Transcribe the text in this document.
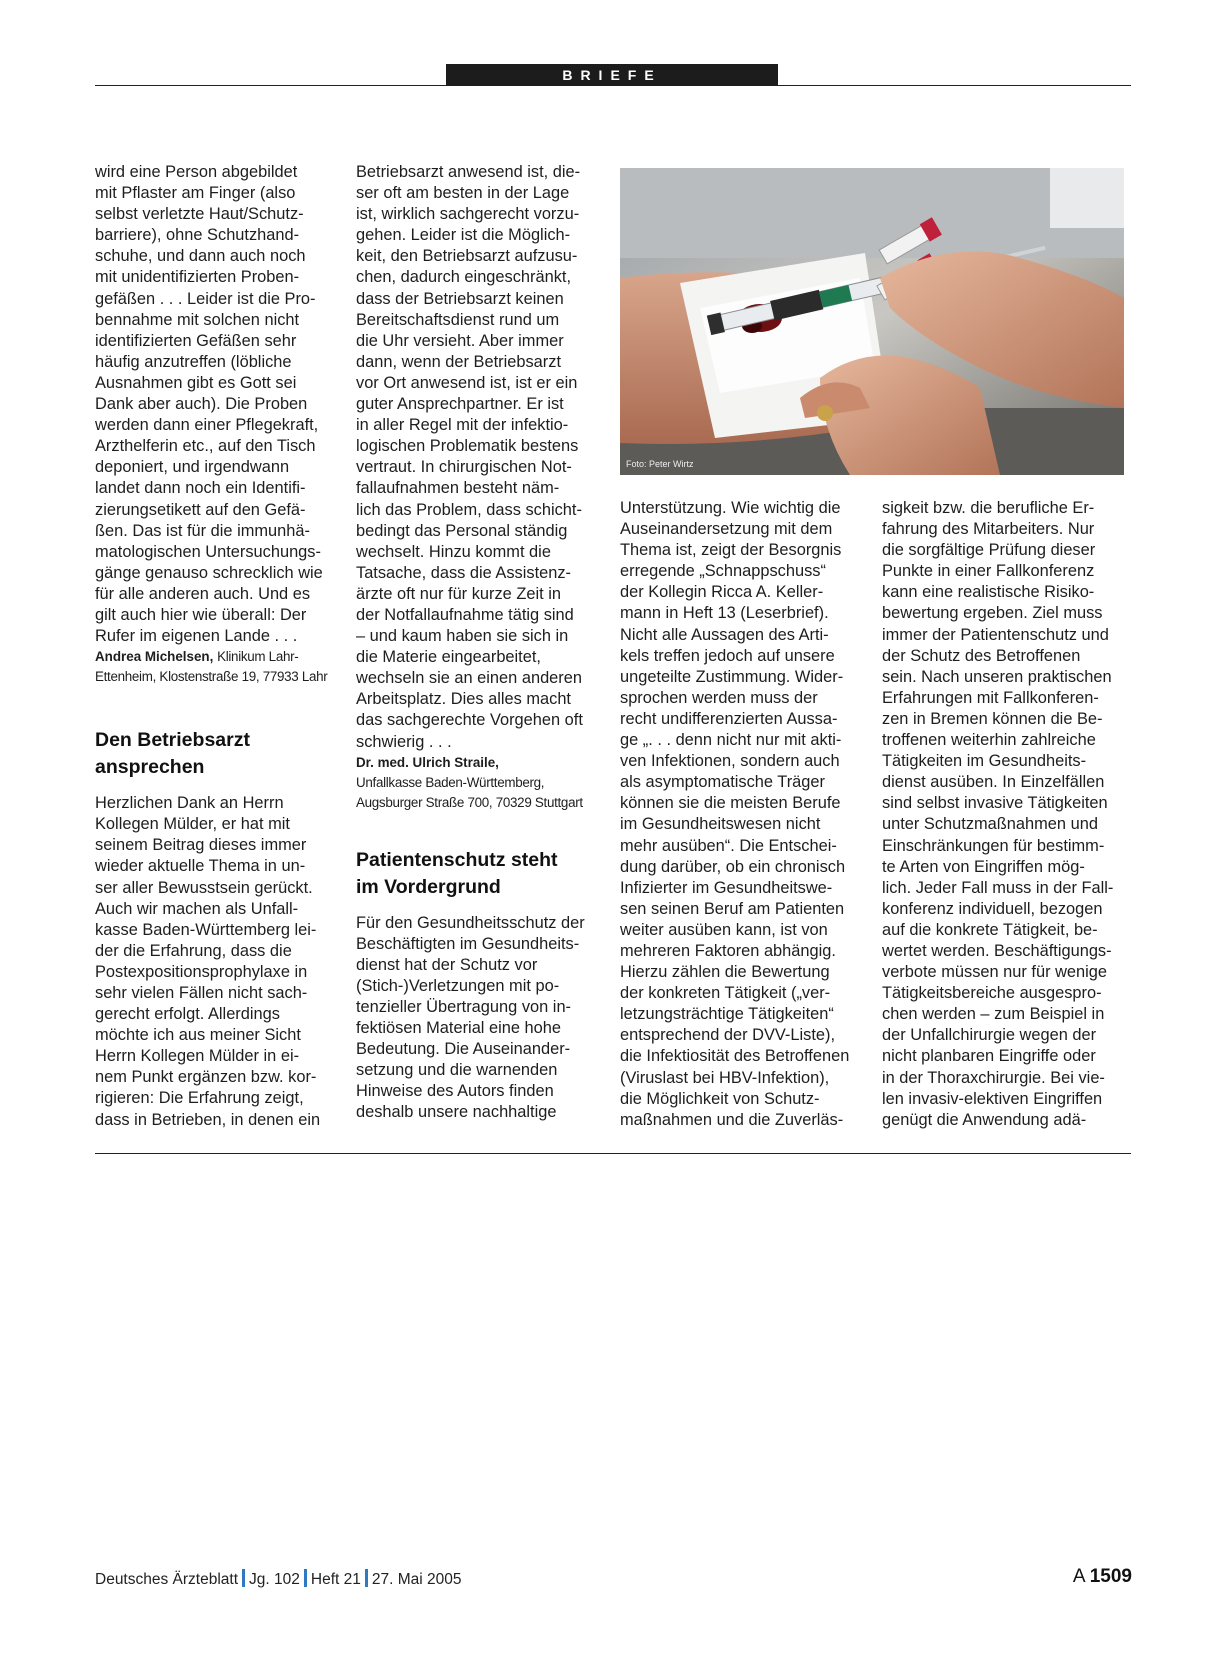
BRIEFE
wird eine Person abgebildet
mit Pflaster am Finger (also
selbst verletzte Haut/Schutz-
barriere), ohne Schutzhand-
schuhe, und dann auch noch
mit unidentifizierten Proben-
gefäßen . . . Leider ist die Pro-
bennahme mit solchen nicht
identifizierten Gefäßen sehr
häufig anzutreffen (löbliche
Ausnahmen gibt es Gott sei
Dank aber auch). Die Proben
werden dann einer Pflegekraft,
Arzthelferin etc., auf den Tisch
deponiert, und irgendwann
landet dann noch ein Identifi-
zierungsetikett auf den Gefä-
ßen. Das ist für die immunhä-
matologischen Untersuchungs-
gänge genauso schrecklich wie
für alle anderen auch. Und es
gilt auch hier wie überall: Der
Rufer im eigenen Lande . . .
Andrea Michelsen, Klinikum Lahr-
Ettenheim, Klostenstraße 19, 77933 Lahr
Den Betriebsarzt
ansprechen
Herzlichen Dank an Herrn
Kollegen Mülder, er hat mit
seinem Beitrag dieses immer
wieder aktuelle Thema in un-
ser aller Bewusstsein gerückt.
Auch wir machen als Unfall-
kasse Baden-Württemberg lei-
der die Erfahrung, dass die
Postexpositionsprophylaxe in
sehr vielen Fällen nicht sach-
gerecht erfolgt. Allerdings
möchte ich aus meiner Sicht
Herrn Kollegen Mülder in ei-
nem Punkt ergänzen bzw. kor-
rigieren: Die Erfahrung zeigt,
dass in Betrieben, in denen ein
Betriebsarzt anwesend ist, die-
ser oft am besten in der Lage
ist, wirklich sachgerecht vorzu-
gehen. Leider ist die Möglich-
keit, den Betriebsarzt aufzusu-
chen, dadurch eingeschränkt,
dass der Betriebsarzt keinen
Bereitschaftsdienst rund um
die Uhr versieht. Aber immer
dann, wenn der Betriebsarzt
vor Ort anwesend ist, ist er ein
guter Ansprechpartner. Er ist
in aller Regel mit der infektio-
logischen Problematik bestens
vertraut. In chirurgischen Not-
fallaufnahmen besteht näm-
lich das Problem, dass schicht-
bedingt das Personal ständig
wechselt. Hinzu kommt die
Tatsache, dass die Assistenz-
ärzte oft nur für kurze Zeit in
der Notfallaufnahme tätig sind
– und kaum haben sie sich in
die Materie eingearbeitet,
wechseln sie an einen anderen
Arbeitsplatz. Dies alles macht
das sachgerechte Vorgehen oft
schwierig . . .
Dr. med. Ulrich Straile,
Unfallkasse Baden-Württemberg,
Augsburger Straße 700, 70329 Stuttgart
Patientenschutz steht
im Vordergrund
Für den Gesundheitsschutz der
Beschäftigten im Gesundheits-
dienst hat der Schutz vor
(Stich-)Verletzungen mit po-
tenzieller Übertragung von in-
fektiösen Material eine hohe
Bedeutung. Die Auseinander-
setzung und die warnenden
Hinweise des Autors finden
deshalb unsere nachhaltige
Foto: Peter Wirtz
Unterstützung. Wie wichtig die
Auseinandersetzung mit dem
Thema ist, zeigt der Besorgnis
erregende „Schnappschuss“
der Kollegin Ricca A. Keller-
mann in Heft 13 (Leserbrief).
Nicht alle Aussagen des Arti-
kels treffen jedoch auf unsere
ungeteilte Zustimmung. Wider-
sprochen werden muss der
recht undifferenzierten Aussa-
ge „. . . denn nicht nur mit akti-
ven Infektionen, sondern auch
als asymptomatische Träger
können sie die meisten Berufe
im Gesundheitswesen nicht
mehr ausüben“. Die Entschei-
dung darüber, ob ein chronisch
Infizierter im Gesundheitswe-
sen seinen Beruf am Patienten
weiter ausüben kann, ist von
mehreren Faktoren abhängig.
Hierzu zählen die Bewertung
der konkreten Tätigkeit („ver-
letzungsträchtige Tätigkeiten“
entsprechend der DVV-Liste),
die Infektiosität des Betroffenen
(Viruslast bei HBV-Infektion),
die Möglichkeit von Schutz-
maßnahmen und die Zuverläs-
sigkeit bzw. die berufliche Er-
fahrung des Mitarbeiters. Nur
die sorgfältige Prüfung dieser
Punkte in einer Fallkonferenz
kann eine realistische Risiko-
bewertung ergeben. Ziel muss
immer der Patientenschutz und
der Schutz des Betroffenen
sein. Nach unseren praktischen
Erfahrungen mit Fallkonferen-
zen in Bremen können die Be-
troffenen weiterhin zahlreiche
Tätigkeiten im Gesundheits-
dienst ausüben. In Einzelfällen
sind selbst invasive Tätigkeiten
unter Schutzmaßnahmen und
Einschränkungen für bestimm-
te Arten von Eingriffen mög-
lich. Jeder Fall muss in der Fall-
konferenz individuell, bezogen
auf die konkrete Tätigkeit, be-
wertet werden. Beschäftigungs-
verbote müssen nur für wenige
Tätigkeitsbereiche ausgespro-
chen werden – zum Beispiel in
der Unfallchirurgie wegen der
nicht planbaren Eingriffe oder
in der Thoraxchirurgie. Bei vie-
len invasiv-elektiven Eingriffen
genügt die Anwendung adä-
Deutsches Ärzteblatt Jg. 102 Heft 21 27. Mai 2005	A 1509
